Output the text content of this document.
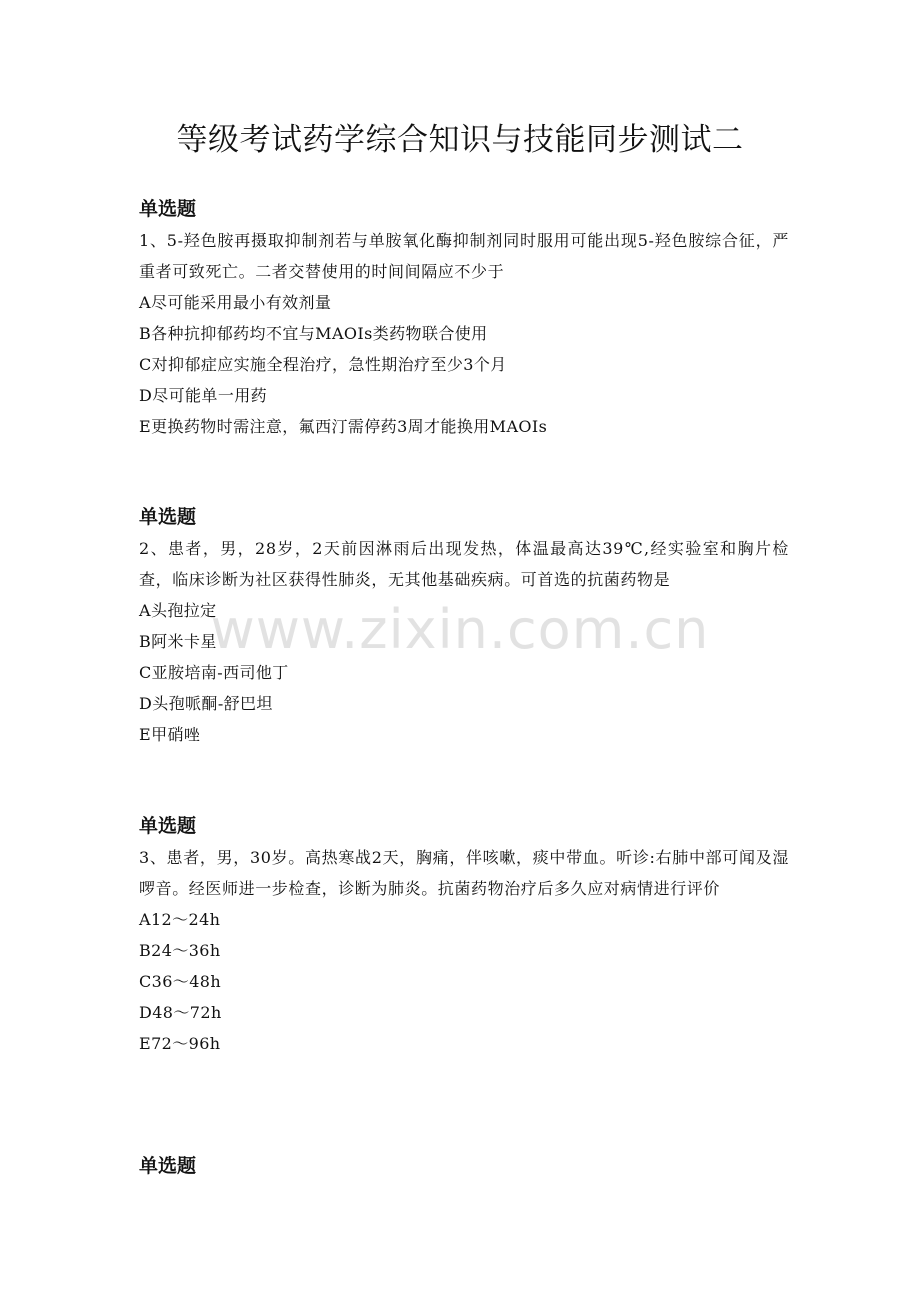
等级考试药学综合知识与技能同步测试二
单选题

1、5-羟色胺再摄取抑制剂若与单胺氧化酶抑制剂同时服用可能出现5-羟色胺综合征，严重者可致死亡。二者交替使用的时间间隔应不少于

A尽可能采用最小有效剂量
B各种抗抑郁药均不宜与MAOIs类药物联合使用
C对抑郁症应实施全程治疗，急性期治疗至少3个月
D尽可能单一用药
E更换药物时需注意，氟西汀需停药3周才能换用MAOIs
单选题

2、患者，男，28岁，2天前因淋雨后出现发热，体温最高达39℃,经实验室和胸片检查，临床诊断为社区获得性肺炎，无其他基础疾病。可首选的抗菌药物是

A头孢拉定
B阿米卡星
C亚胺培南-西司他丁
D头孢哌酮-舒巴坦
E甲硝唑
单选题

3、患者，男，30岁。高热寒战2天，胸痛，伴咳嗽，痰中带血。听诊:右肺中部可闻及湿啰音。经医师进一步检查，诊断为肺炎。抗菌药物治疗后多久应对病情进行评价

A12～24h
B24～36h
C36～48h
D48～72h
E72～96h
单选题
www.zixin.com.cn
